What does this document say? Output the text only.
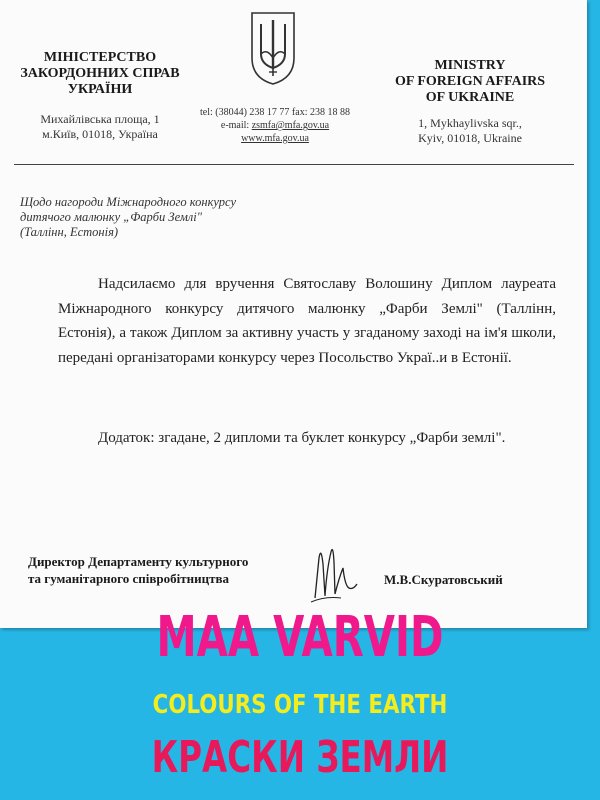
МІНІСТЕРСТВО
ЗАКОРДОННИХ СПРАВ
УКРАЇНИ
Михайлівська площа, 1
м.Київ, 01018, Україна
tel: (38044) 238 17 77 fax: 238 18 88
e-mail: zsmfa@mfa.gov.ua
www.mfa.gov.ua
MINISTRY
OF FOREIGN AFFAIRS
OF UKRAINE
1, Mykhaylivska sqr.,
Kyiv, 01018, Ukraine
Щодо нагороди Міжнародного конкурсу
дитячого малюнку „Фарби Землі"
(Таллінн, Естонія)
Надсилаємо для вручення Святославу Волошину Диплом лауреата Міжнародного конкурсу дитячого малюнку „Фарби Землі" (Таллінн, Естонія), а також Диплом за активну участь у згаданому заході на ім'я школи, передані організаторами конкурсу через Посольство Украї..и в Естонії.
Додаток: згадане, 2 дипломи та буклет конкурсу „Фарби землі".
Директор Департаменту культурного
та гуманітарного співробітництва	М.В.Скуратовський
MAA VARVID
COLOURS OF THE EARTH
КРАСКИ ЗЕМЛИ
